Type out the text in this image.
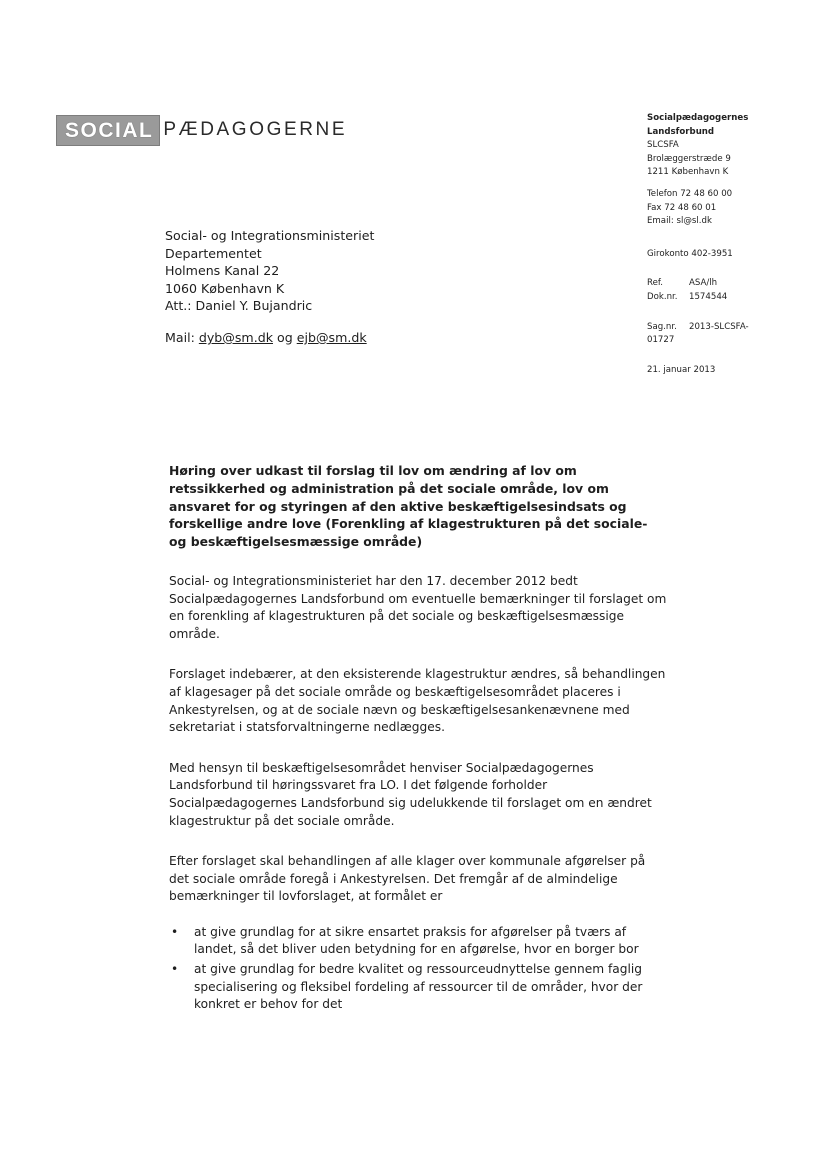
SOCIAL PÆDAGOGERNE
Socialpædagogernes
Landsforbund
SLCSFA
Brolæggerstræde 9
1211 København K
Telefon 72 48 60 00
Fax 72 48 60 01
Email: sl@sl.dk
Girokonto 402-3951
Ref.	ASA/lh
Dok.nr.	1574544
Sag.nr.	2013-SLCSFA-
01727
21. januar 2013
Social- og Integrationsministeriet
Departementet
Holmens Kanal 22
1060 København K
Att.: Daniel Y. Bujandric
Mail: dyb@sm.dk og ejb@sm.dk

Høring over udkast til forslag til lov om ændring af lov om retssikkerhed og administration på det sociale område, lov om ansvaret for og styringen af den aktive beskæftigelsesindsats og forskellige andre love (Forenkling af klagestrukturen på det sociale- og beskæftigelsesmæssige område)

Social- og Integrationsministeriet har den 17. december 2012 bedt Socialpædagogernes Landsforbund om eventuelle bemærkninger til forslaget om en forenkling af klagestrukturen på det sociale og beskæftigelsesmæssige område.

Forslaget indebærer, at den eksisterende klagestruktur ændres, så behandlingen af klagesager på det sociale område og beskæftigelsesområdet placeres i Ankestyrelsen, og at de sociale nævn og beskæftigelsesankenævnene med sekretariat i statsforvaltningerne nedlægges.

Med hensyn til beskæftigelsesområdet henviser Socialpædagogernes Landsforbund til høringssvaret fra LO. I det følgende forholder Socialpædagogernes Landsforbund sig udelukkende til forslaget om en ændret klagestruktur på det sociale område.

Efter forslaget skal behandlingen af alle klager over kommunale afgørelser på det sociale område foregå i Ankestyrelsen. Det fremgår af de almindelige bemærkninger til lovforslaget, at formålet er

• at give grundlag for at sikre ensartet praksis for afgørelser på tværs af landet, så det bliver uden betydning for en afgørelse, hvor en borger bor
• at give grundlag for bedre kvalitet og ressourceudnyttelse gennem faglig specialisering og fleksibel fordeling af ressourcer til de områder, hvor der konkret er behov for det
